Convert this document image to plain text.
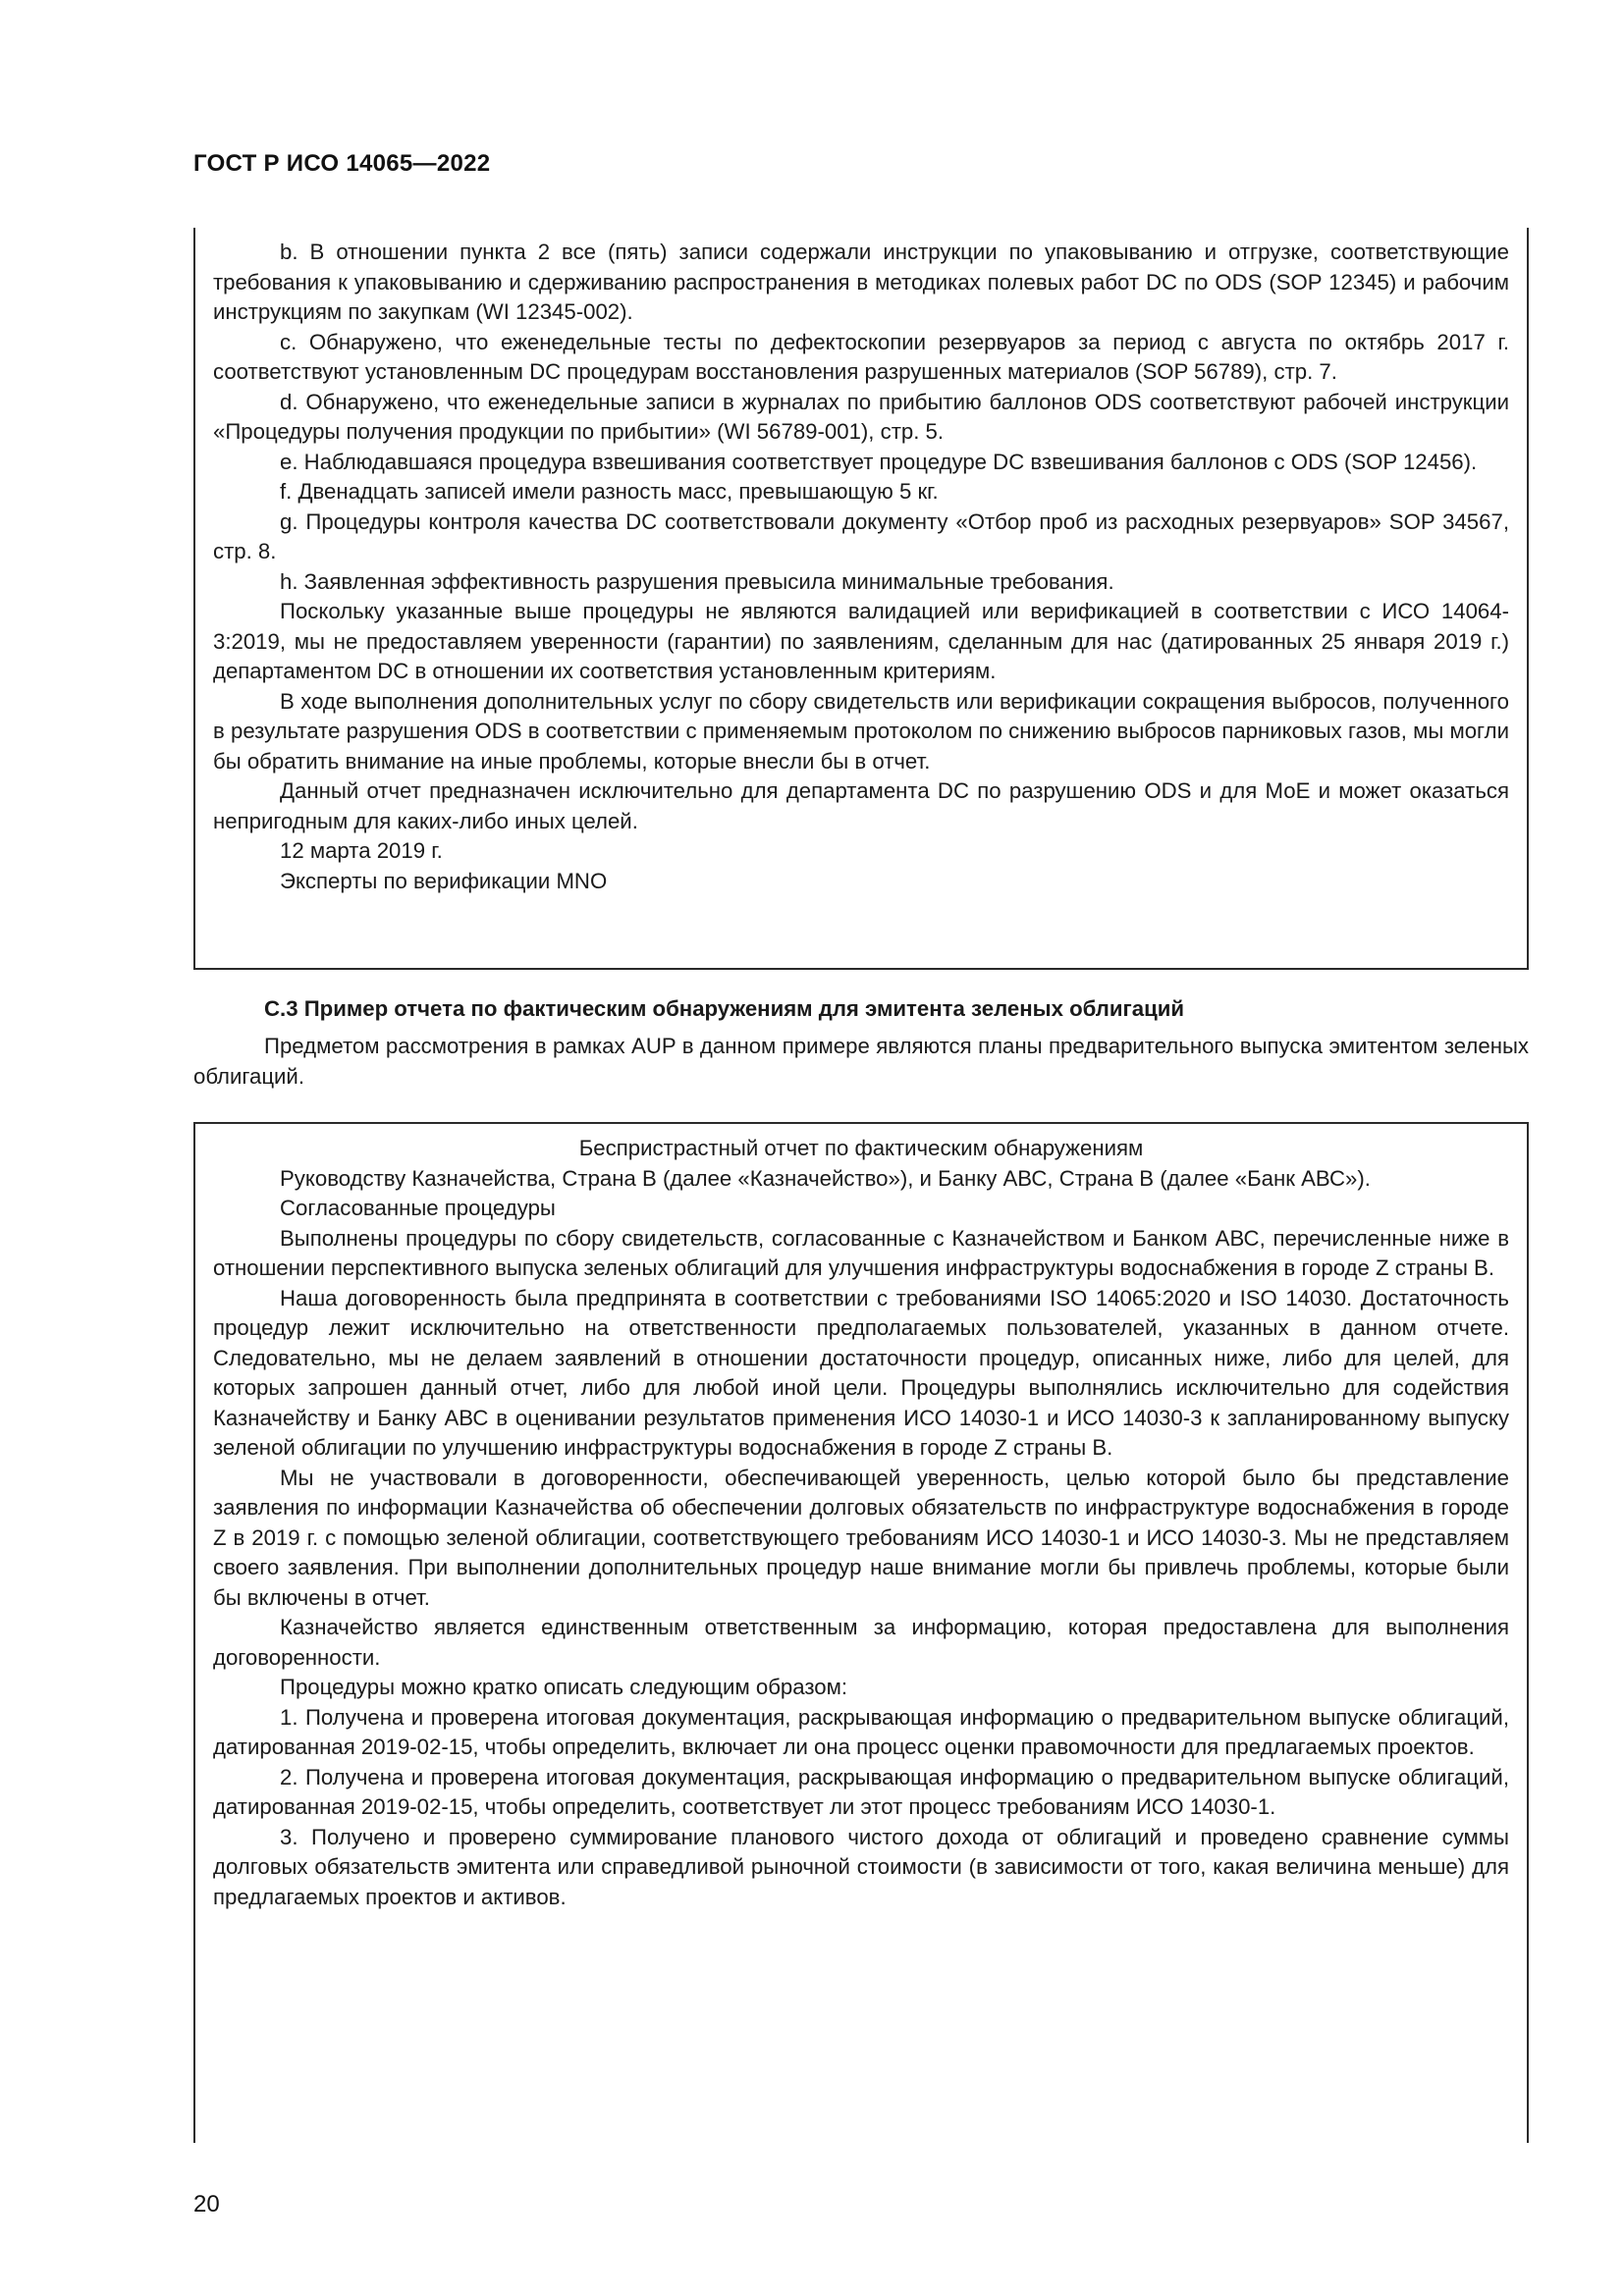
ГОСТ Р ИСО 14065—2022

b. В отношении пункта 2 все (пять) записи содержали инструкции по упаковыванию и отгрузке, соответствующие требования к упаковыванию и сдерживанию распространения в методиках полевых работ DC по ODS (SOP 12345) и рабочим инструкциям по закупкам (WI 12345-002).

c. Обнаружено, что еженедельные тесты по дефектоскопии резервуаров за период с августа по октябрь 2017 г. соответствуют установленным DC процедурам восстановления разрушенных материалов (SOP 56789), стр. 7.

d. Обнаружено, что еженедельные записи в журналах по прибытию баллонов ODS соответствуют рабочей инструкции «Процедуры получения продукции по прибытии» (WI 56789-001), стр. 5.

e. Наблюдавшаяся процедура взвешивания соответствует процедуре DC взвешивания баллонов с ODS (SOP 12456).

f. Двенадцать записей имели разность масс, превышающую 5 кг.

g. Процедуры контроля качества DC соответствовали документу «Отбор проб из расходных резервуаров» SOP 34567, стр. 8.

h. Заявленная эффективность разрушения превысила минимальные требования.

Поскольку указанные выше процедуры не являются валидацией или верификацией в соответствии с ИСО 14064-3:2019, мы не предоставляем уверенности (гарантии) по заявлениям, сделанным для нас (датированных 25 января 2019 г.) департаментом DC в отношении их соответствия установленным критериям.

В ходе выполнения дополнительных услуг по сбору свидетельств или верификации сокращения выбросов, полученного в результате разрушения ODS в соответствии с применяемым протоколом по снижению выбросов парниковых газов, мы могли бы обратить внимание на иные проблемы, которые внесли бы в отчет.

Данный отчет предназначен исключительно для департамента DC по разрушению ODS и для МоЕ и может оказаться непригодным для каких-либо иных целей.

12 марта 2019 г.

Эксперты по верификации MNO

С.3 Пример отчета по фактическим обнаружениям для эмитента зеленых облигаций

Предметом рассмотрения в рамках AUP в данном примере являются планы предварительного выпуска эмитентом зеленых облигаций.

Беспристрастный отчет по фактическим обнаружениям

Руководству Казначейства, Страна В (далее «Казначейство»), и Банку АВС, Страна В (далее «Банк АВС»).

Согласованные процедуры

Выполнены процедуры по сбору свидетельств, согласованные с Казначейством и Банком АВС, перечисленные ниже в отношении перспективного выпуска зеленых облигаций для улучшения инфраструктуры водоснабжения в городе Z страны В.

Наша договоренность была предпринята в соответствии с требованиями ISO 14065:2020 и ISO 14030. Достаточность процедур лежит исключительно на ответственности предполагаемых пользователей, указанных в данном отчете. Следовательно, мы не делаем заявлений в отношении достаточности процедур, описанных ниже, либо для целей, для которых запрошен данный отчет, либо для любой иной цели. Процедуры выполнялись исключительно для содействия Казначейству и Банку АВС в оценивании результатов применения ИСО 14030-1 и ИСО 14030-3 к запланированному выпуску зеленой облигации по улучшению инфраструктуры водоснабжения в городе Z страны В.

Мы не участвовали в договоренности, обеспечивающей уверенность, целью которой было бы представление заявления по информации Казначейства об обеспечении долговых обязательств по инфраструктуре водоснабжения в городе Z в 2019 г. с помощью зеленой облигации, соответствующего требованиям ИСО 14030-1 и ИСО 14030-3. Мы не представляем своего заявления. При выполнении дополнительных процедур наше внимание могли бы привлечь проблемы, которые были бы включены в отчет.

Казначейство является единственным ответственным за информацию, которая предоставлена для выполнения договоренности.

Процедуры можно кратко описать следующим образом:

1. Получена и проверена итоговая документация, раскрывающая информацию о предварительном выпуске облигаций, датированная 2019-02-15, чтобы определить, включает ли она процесс оценки правомочности для предлагаемых проектов.

2. Получена и проверена итоговая документация, раскрывающая информацию о предварительном выпуске облигаций, датированная 2019-02-15, чтобы определить, соответствует ли этот процесс требованиям ИСО 14030-1.

3. Получено и проверено суммирование планового чистого дохода от облигаций и проведено сравнение суммы долговых обязательств эмитента или справедливой рыночной стоимости (в зависимости от того, какая величина меньше) для предлагаемых проектов и активов.

20
